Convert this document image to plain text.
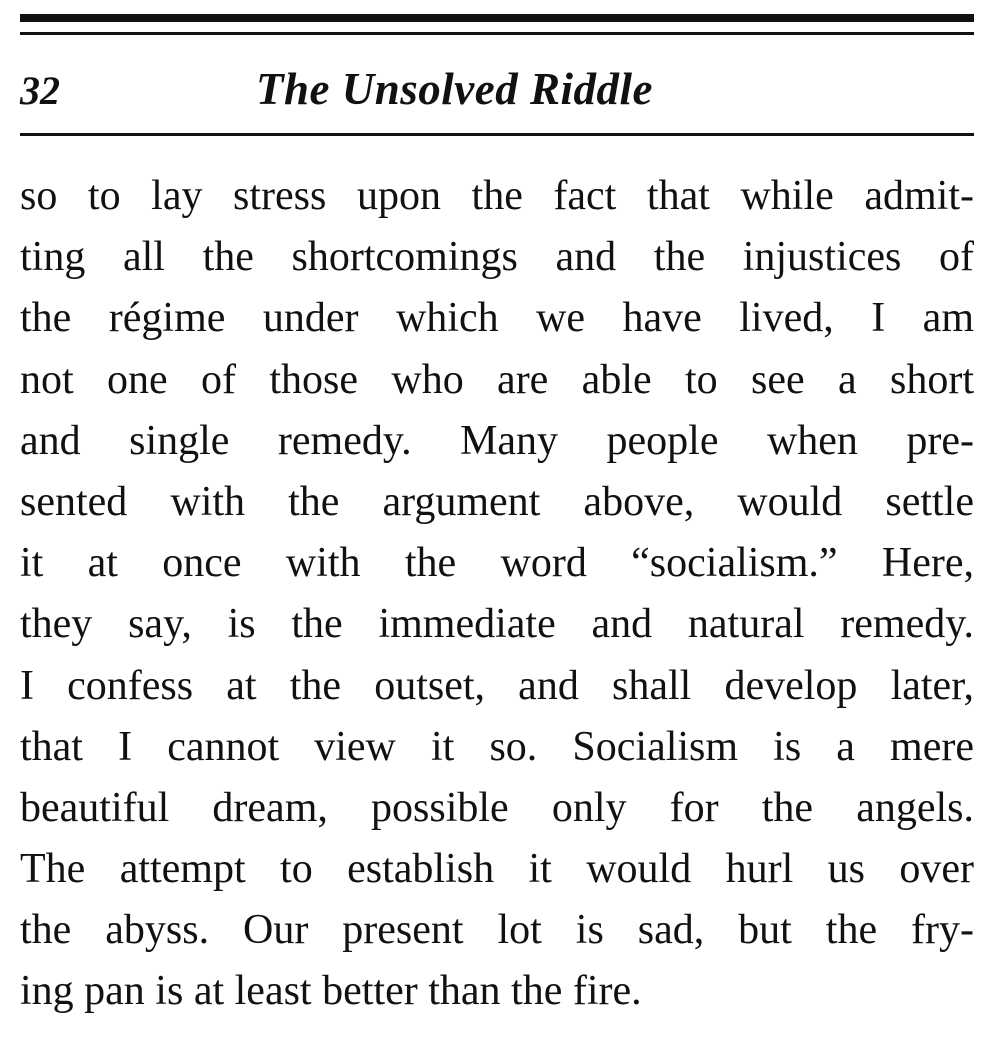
32	The Unsolved Riddle
so to lay stress upon the fact that while admit-
ting all the shortcomings and the injustices of
the régime under which we have lived, I am
not one of those who are able to see a short
and single remedy. Many people when pre-
sented with the argument above, would settle
it at once with the word “socialism.” Here,
they say, is the immediate and natural remedy.
I confess at the outset, and shall develop later,
that I cannot view it so. Socialism is a mere
beautiful dream, possible only for the angels.
The attempt to establish it would hurl us over
the abyss. Our present lot is sad, but the fry-
ing pan is at least better than the fire.
